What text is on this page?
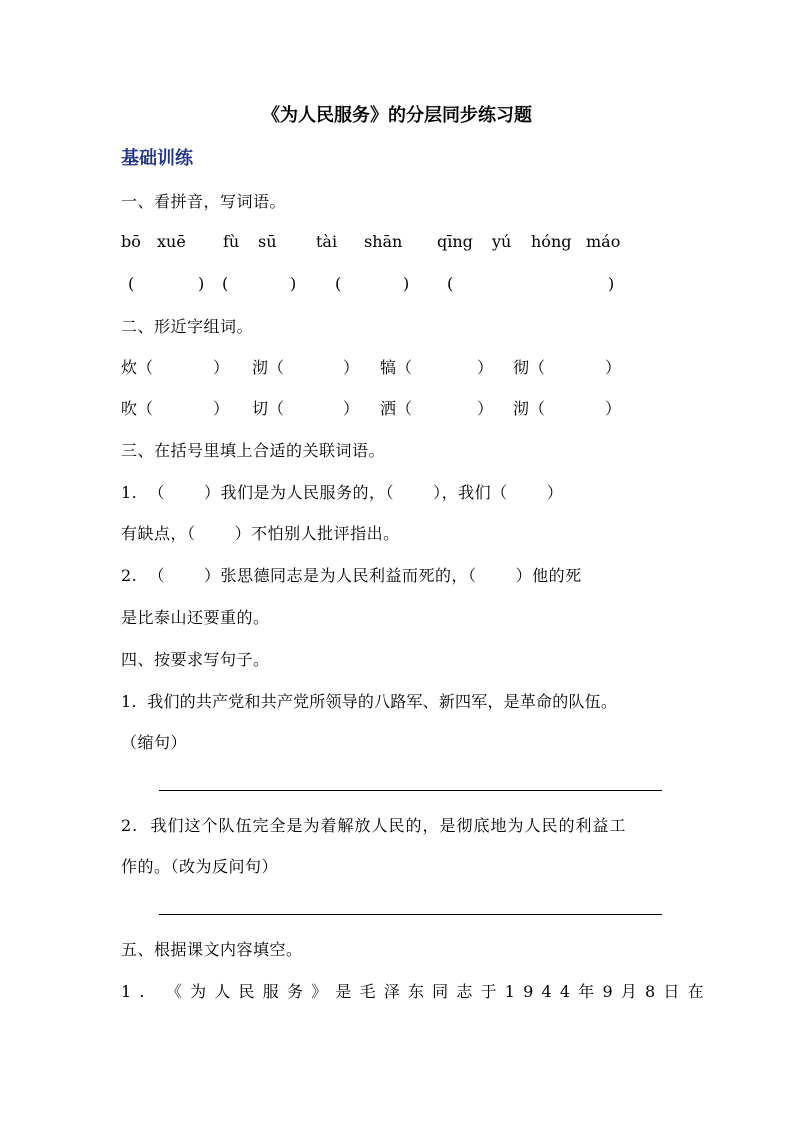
《为人民服务》的分层同步练习题
基础训练
一、看拼音，写词语。
bō xuē fù sū tài shān qīng yú hóng máo
(	) (	) (	) (	)
二、形近字组词。
炊（	） 沏（	） 犒（	） 彻（	）
吹（	） 切（	） 洒（	） 沏（	）
三、在括号里填上合适的关联词语。
1.  （       ）我们是为人民服务的，（       ），我们（       ）
有缺点，（       ）不怕别人批评指出。
2.  （       ）张思德同志是为人民利益而死的，（       ）他的死
是比泰山还要重的。
四、按要求写句子。
1.  我们的共产党和共产党所领导的八路军、新四军，是革命的队伍。
（缩句）
2.  我们这个队伍完全是为着解放人民的，是彻底地为人民的利益工
作的。（改为反问句）
五、根据课文内容填空。
1. 《为人民服务》是毛泽东同志于1944年9月8日在
